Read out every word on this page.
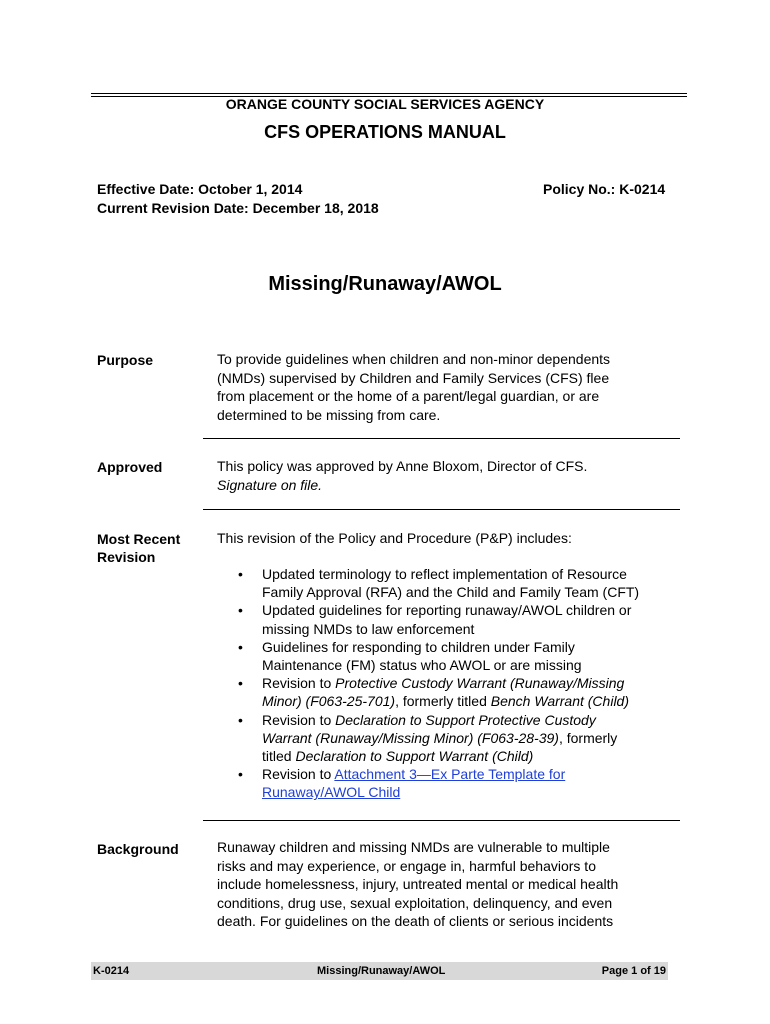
ORANGE COUNTY SOCIAL SERVICES AGENCY
CFS OPERATIONS MANUAL
Effective Date: October 1, 2014
Current Revision Date: December 18, 2018
Policy No.: K-0214
Missing/Runaway/AWOL
Purpose	To provide guidelines when children and non-minor dependents
(NMDs) supervised by Children and Family Services (CFS) flee
from placement or the home of a parent/legal guardian, or are
determined to be missing from care.
Approved	This policy was approved by Anne Bloxom, Director of CFS.
Signature on file.
Most Recent
Revision
This revision of the Policy and Procedure (P&P) includes:
• Updated terminology to reflect implementation of Resource
Family Approval (RFA) and the Child and Family Team (CFT)
• Updated guidelines for reporting runaway/AWOL children or
missing NMDs to law enforcement
• Guidelines for responding to children under Family
Maintenance (FM) status who AWOL or are missing
• Revision to Protective Custody Warrant (Runaway/Missing
Minor) (F063-25-701), formerly titled Bench Warrant (Child)
• Revision to Declaration to Support Protective Custody
Warrant (Runaway/Missing Minor) (F063-28-39), formerly
titled Declaration to Support Warrant (Child)
• Revision to Attachment 3—Ex Parte Template for
Runaway/AWOL Child
Background	Runaway children and missing NMDs are vulnerable to multiple
risks and may experience, or engage in, harmful behaviors to
include homelessness, injury, untreated mental or medical health
conditions, drug use, sexual exploitation, delinquency, and even
death. For guidelines on the death of clients or serious incidents
K-0214	Missing/Runaway/AWOL	Page 1 of 19
